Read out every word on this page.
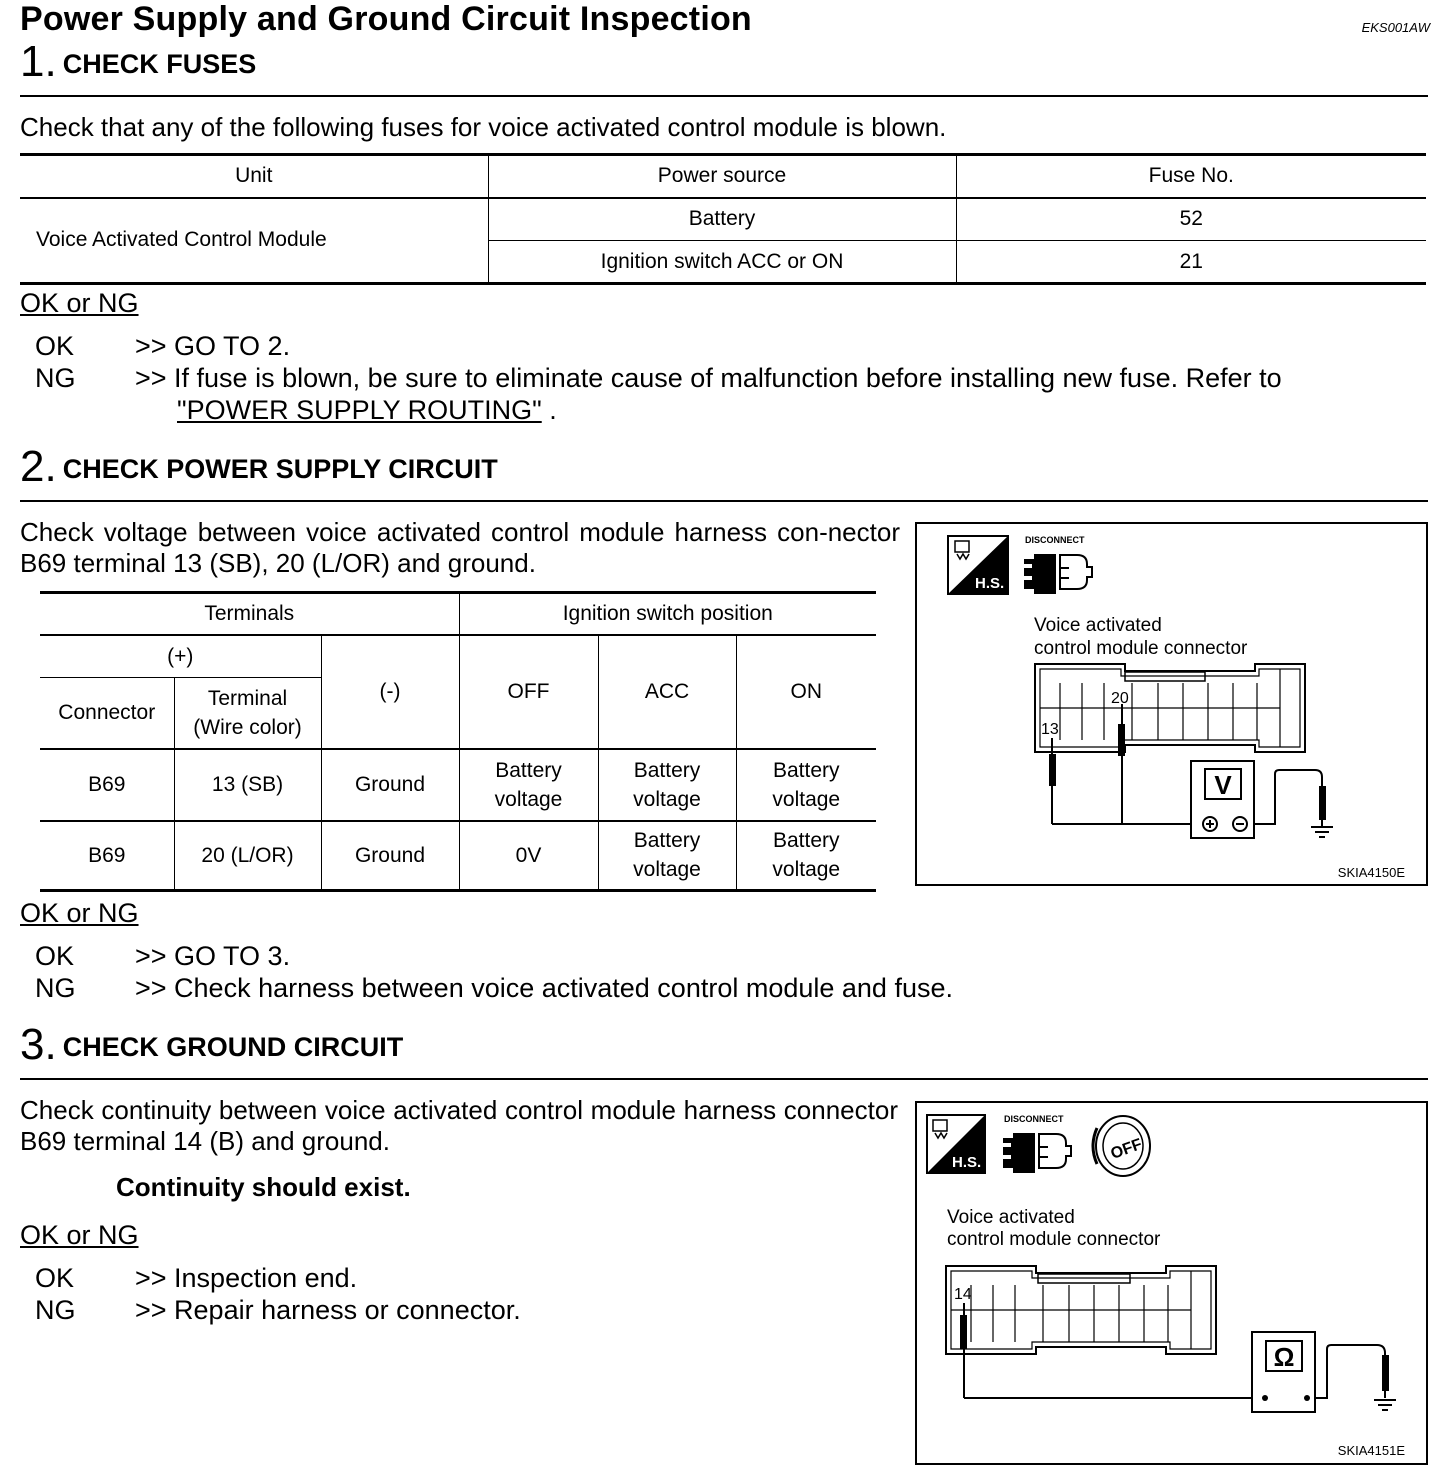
Power Supply and Ground Circuit Inspection	EKS001AW
1. CHECK FUSES
Check that any of the following fuses for voice activated control module is blown.
Unit	Power source	Fuse No.
Voice Activated Control Module	Battery	52
	Ignition switch ACC or ON	21
OK or NG
OK >> GO TO 2.
NG >> If fuse is blown, be sure to eliminate cause of malfunction before installing new fuse. Refer to
"POWER SUPPLY ROUTING" .
2. CHECK POWER SUPPLY CIRCUIT
Check voltage between voice activated control module harness con-nector B69 terminal 13 (SB), 20 (L/OR) and ground.
Terminals			Ignition switch position		
(+)		(-)	OFF	ACC	ON
Connector	Terminal (Wire color)				
B69	13 (SB)	Ground	Battery voltage	Battery voltage	Battery voltage
B69	20 (L/OR)	Ground	0V	Battery voltage	Battery voltage
H.S.
DISCONNECT
Voice activated
control module connector
13
20
V
SKIA4150E
OK or NG
OK >> GO TO 3.
NG >> Check harness between voice activated control module and fuse.
3. CHECK GROUND CIRCUIT
Check continuity between voice activated control module harness connector B69 terminal 14 (B) and ground.
Continuity should exist.
OK or NG
OK >> Inspection end.
NG >> Repair harness or connector.
H.S.
DISCONNECT
OFF
Voice activated
control module connector
14
Ω
SKIA4151E
